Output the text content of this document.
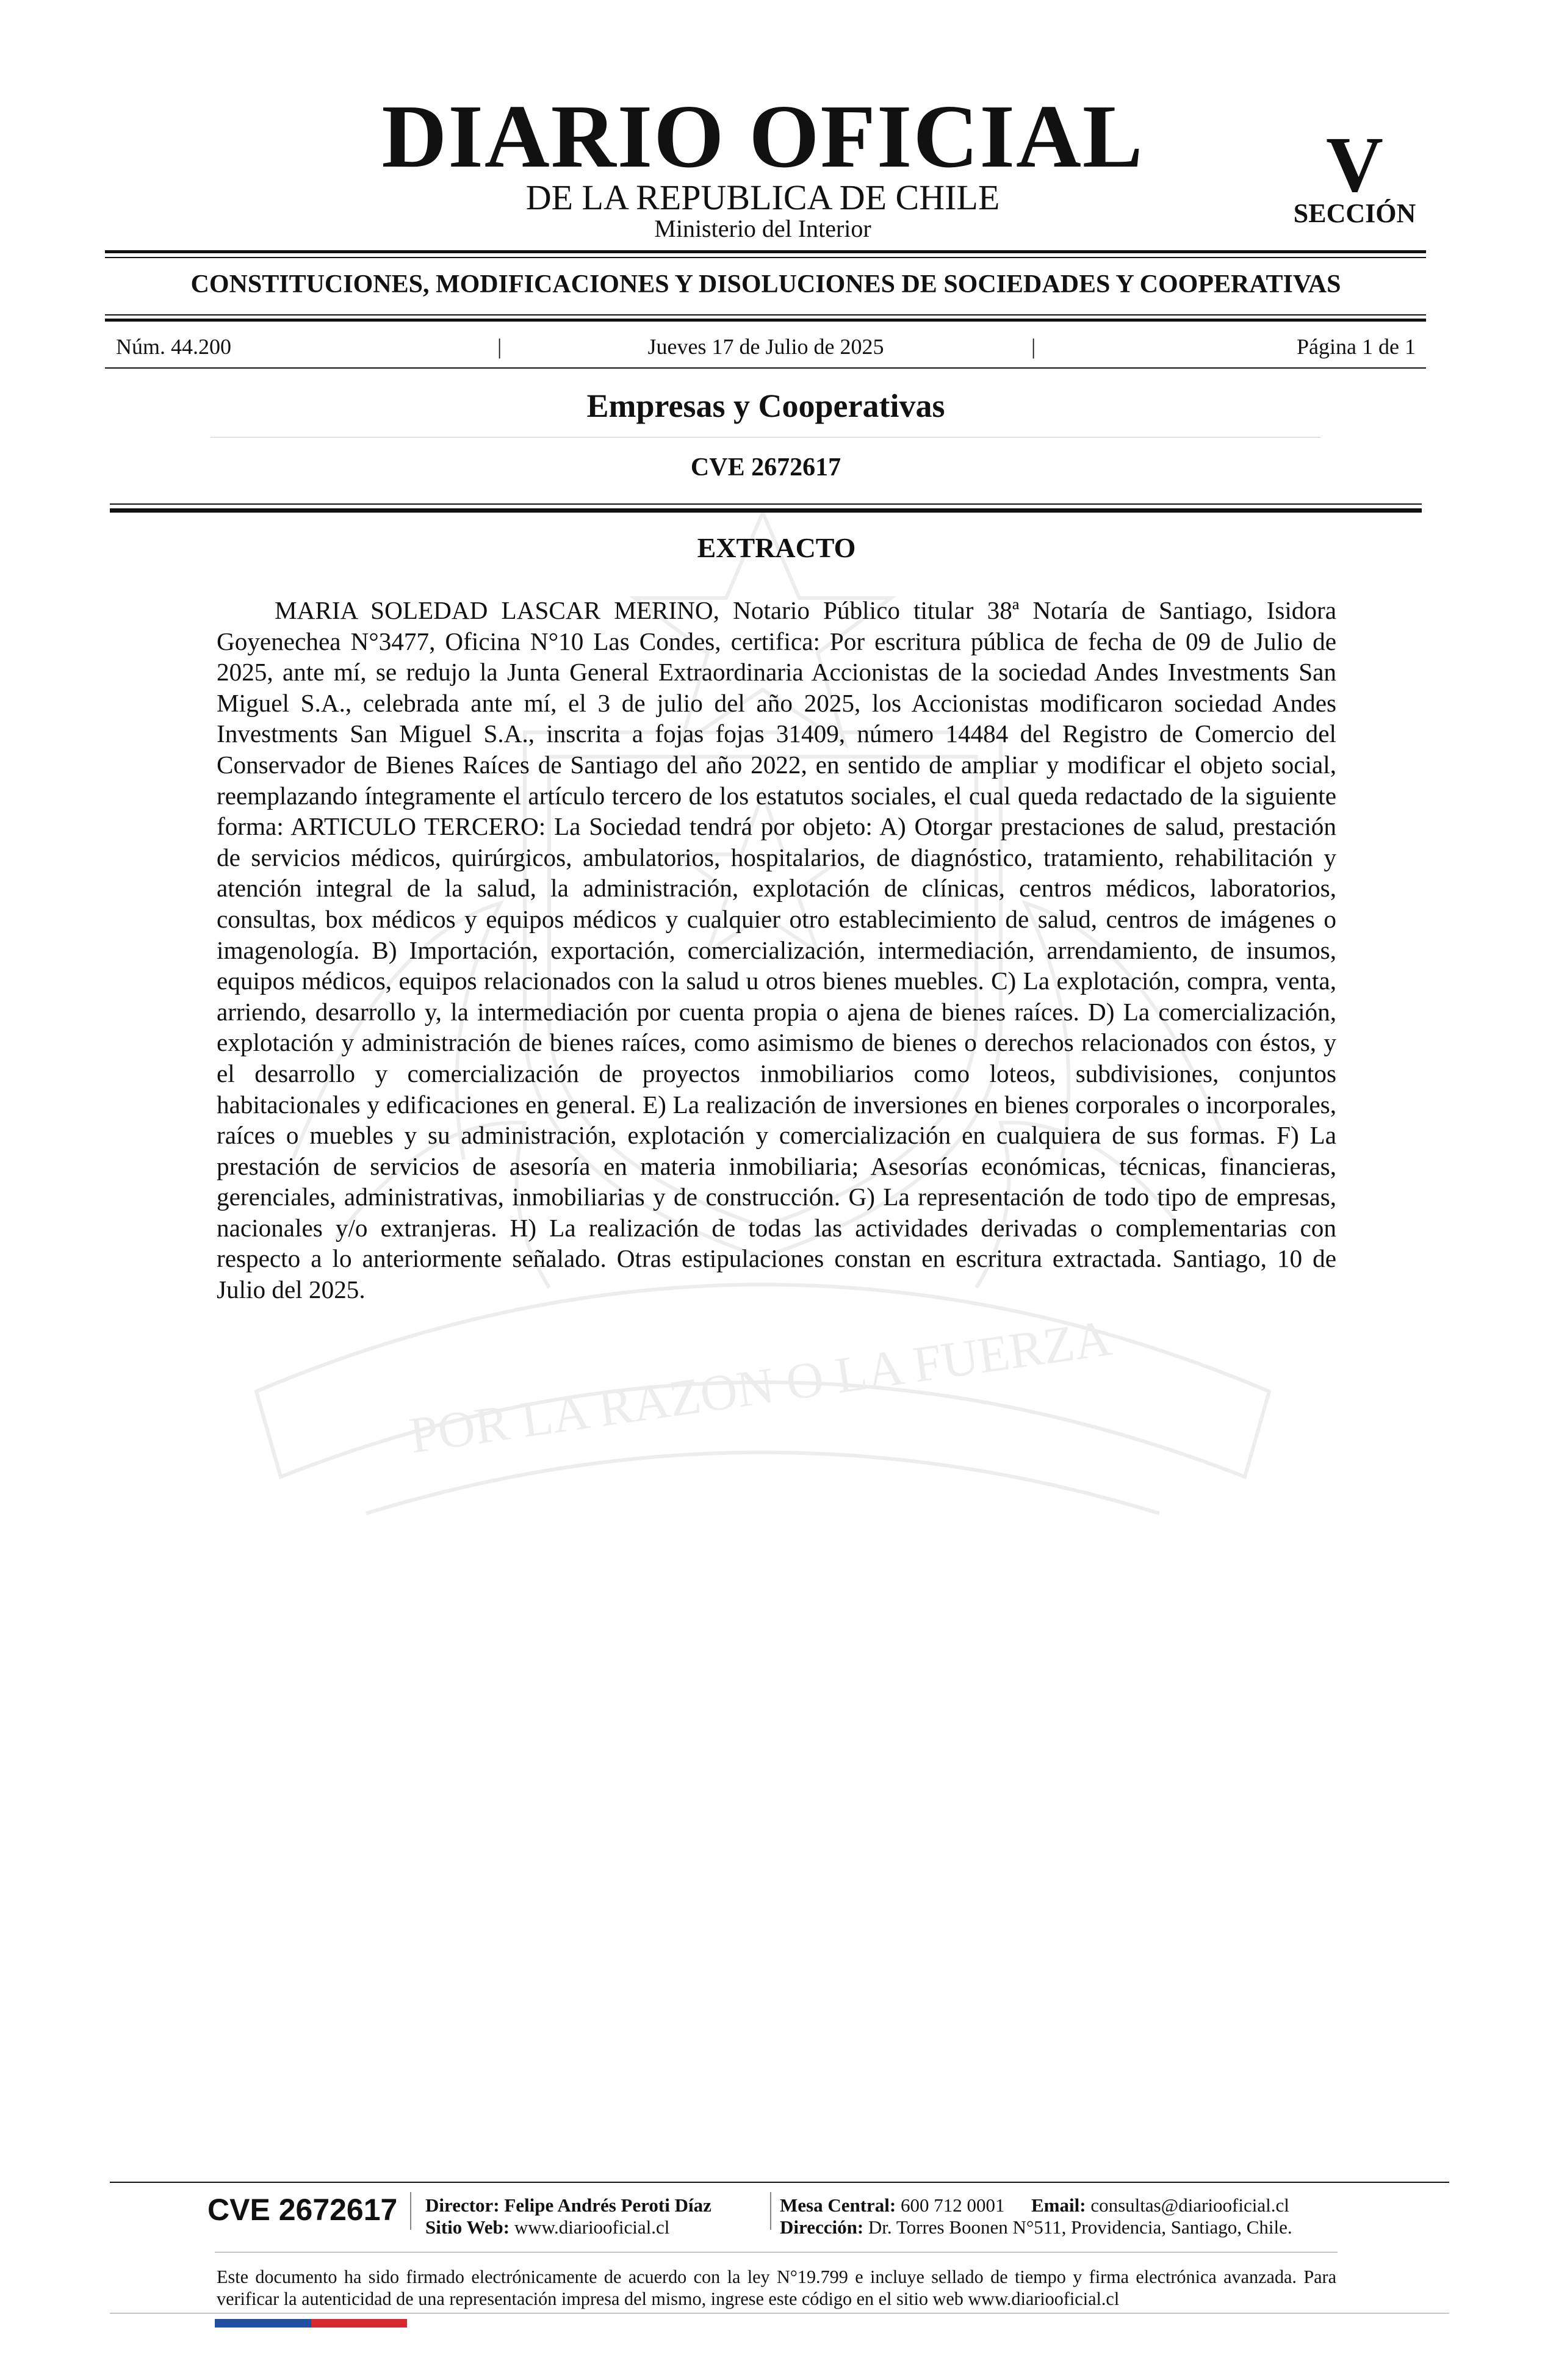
POR LA RAZON O LA FUERZA
DIARIO OFICIAL
DE LA REPUBLICA DE CHILE
Ministerio del Interior
V
SECCIÓN
CONSTITUCIONES, MODIFICACIONES Y DISOLUCIONES DE SOCIEDADES Y COOPERATIVAS
Núm. 44.200	|	Jueves 17 de Julio de 2025	|	Página 1 de 1
Empresas y Cooperativas
CVE 2672617
EXTRACTO

MARIA SOLEDAD LASCAR MERINO, Notario Público titular 38ª Notaría de Santiago, Isidora Goyenechea N°3477, Oficina N°10 Las Condes, certifica: Por escritura pública de fecha de 09 de Julio de 2025, ante mí, se redujo la Junta General Extraordinaria Accionistas de la sociedad Andes Investments San Miguel S.A., celebrada ante mí, el 3 de julio del año 2025, los Accionistas modificaron sociedad Andes Investments San Miguel S.A., inscrita a fojas fojas 31409, número 14484 del Registro de Comercio del Conservador de Bienes Raíces de Santiago del año 2022, en sentido de ampliar y modificar el objeto social, reemplazando íntegramente el artículo tercero de los estatutos sociales, el cual queda redactado de la siguiente forma: ARTICULO TERCERO: La Sociedad tendrá por objeto: A) Otorgar prestaciones de salud, prestación de servicios médicos, quirúrgicos, ambulatorios, hospitalarios, de diagnóstico, tratamiento, rehabilitación y atención integral de la salud, la administración, explotación de clínicas, centros médicos, laboratorios, consultas, box médicos y equipos médicos y cualquier otro establecimiento de salud, centros de imágenes o imagenología. B) Importación, exportación, comercialización, intermediación, arrendamiento, de insumos, equipos médicos, equipos relacionados con la salud u otros bienes muebles. C) La explotación, compra, venta, arriendo, desarrollo y, la intermediación por cuenta propia o ajena de bienes raíces. D) La comercialización, explotación y administración de bienes raíces, como asimismo de bienes o derechos relacionados con éstos, y el desarrollo y comercialización de proyectos inmobiliarios como loteos, subdivisiones, conjuntos habitacionales y edificaciones en general. E) La realización de inversiones en bienes corporales o incorporales, raíces o muebles y su administración, explotación y comercialización en cualquiera de sus formas. F) La prestación de servicios de asesoría en materia inmobiliaria; Asesorías económicas, técnicas, financieras, gerenciales, administrativas, inmobiliarias y de construcción. G) La representación de todo tipo de empresas, nacionales y/o extranjeras. H) La realización de todas las actividades derivadas o complementarias con respecto a lo anteriormente señalado. Otras estipulaciones constan en escritura extractada. Santiago, 10 de Julio del 2025.

CVE 2672617 Director: Felipe Andrés Peroti Díaz
Sitio Web: www.diariooficial.cl
Mesa Central: 600 712 0001 Email: consultas@diariooficial.cl
Dirección: Dr. Torres Boonen N°511, Providencia, Santiago, Chile.

Este documento ha sido firmado electrónicamente de acuerdo con la ley N°19.799 e incluye sellado de tiempo y firma electrónica avanzada. Para verificar la autenticidad de una representación impresa del mismo, ingrese este código en el sitio web www.diariooficial.cl
